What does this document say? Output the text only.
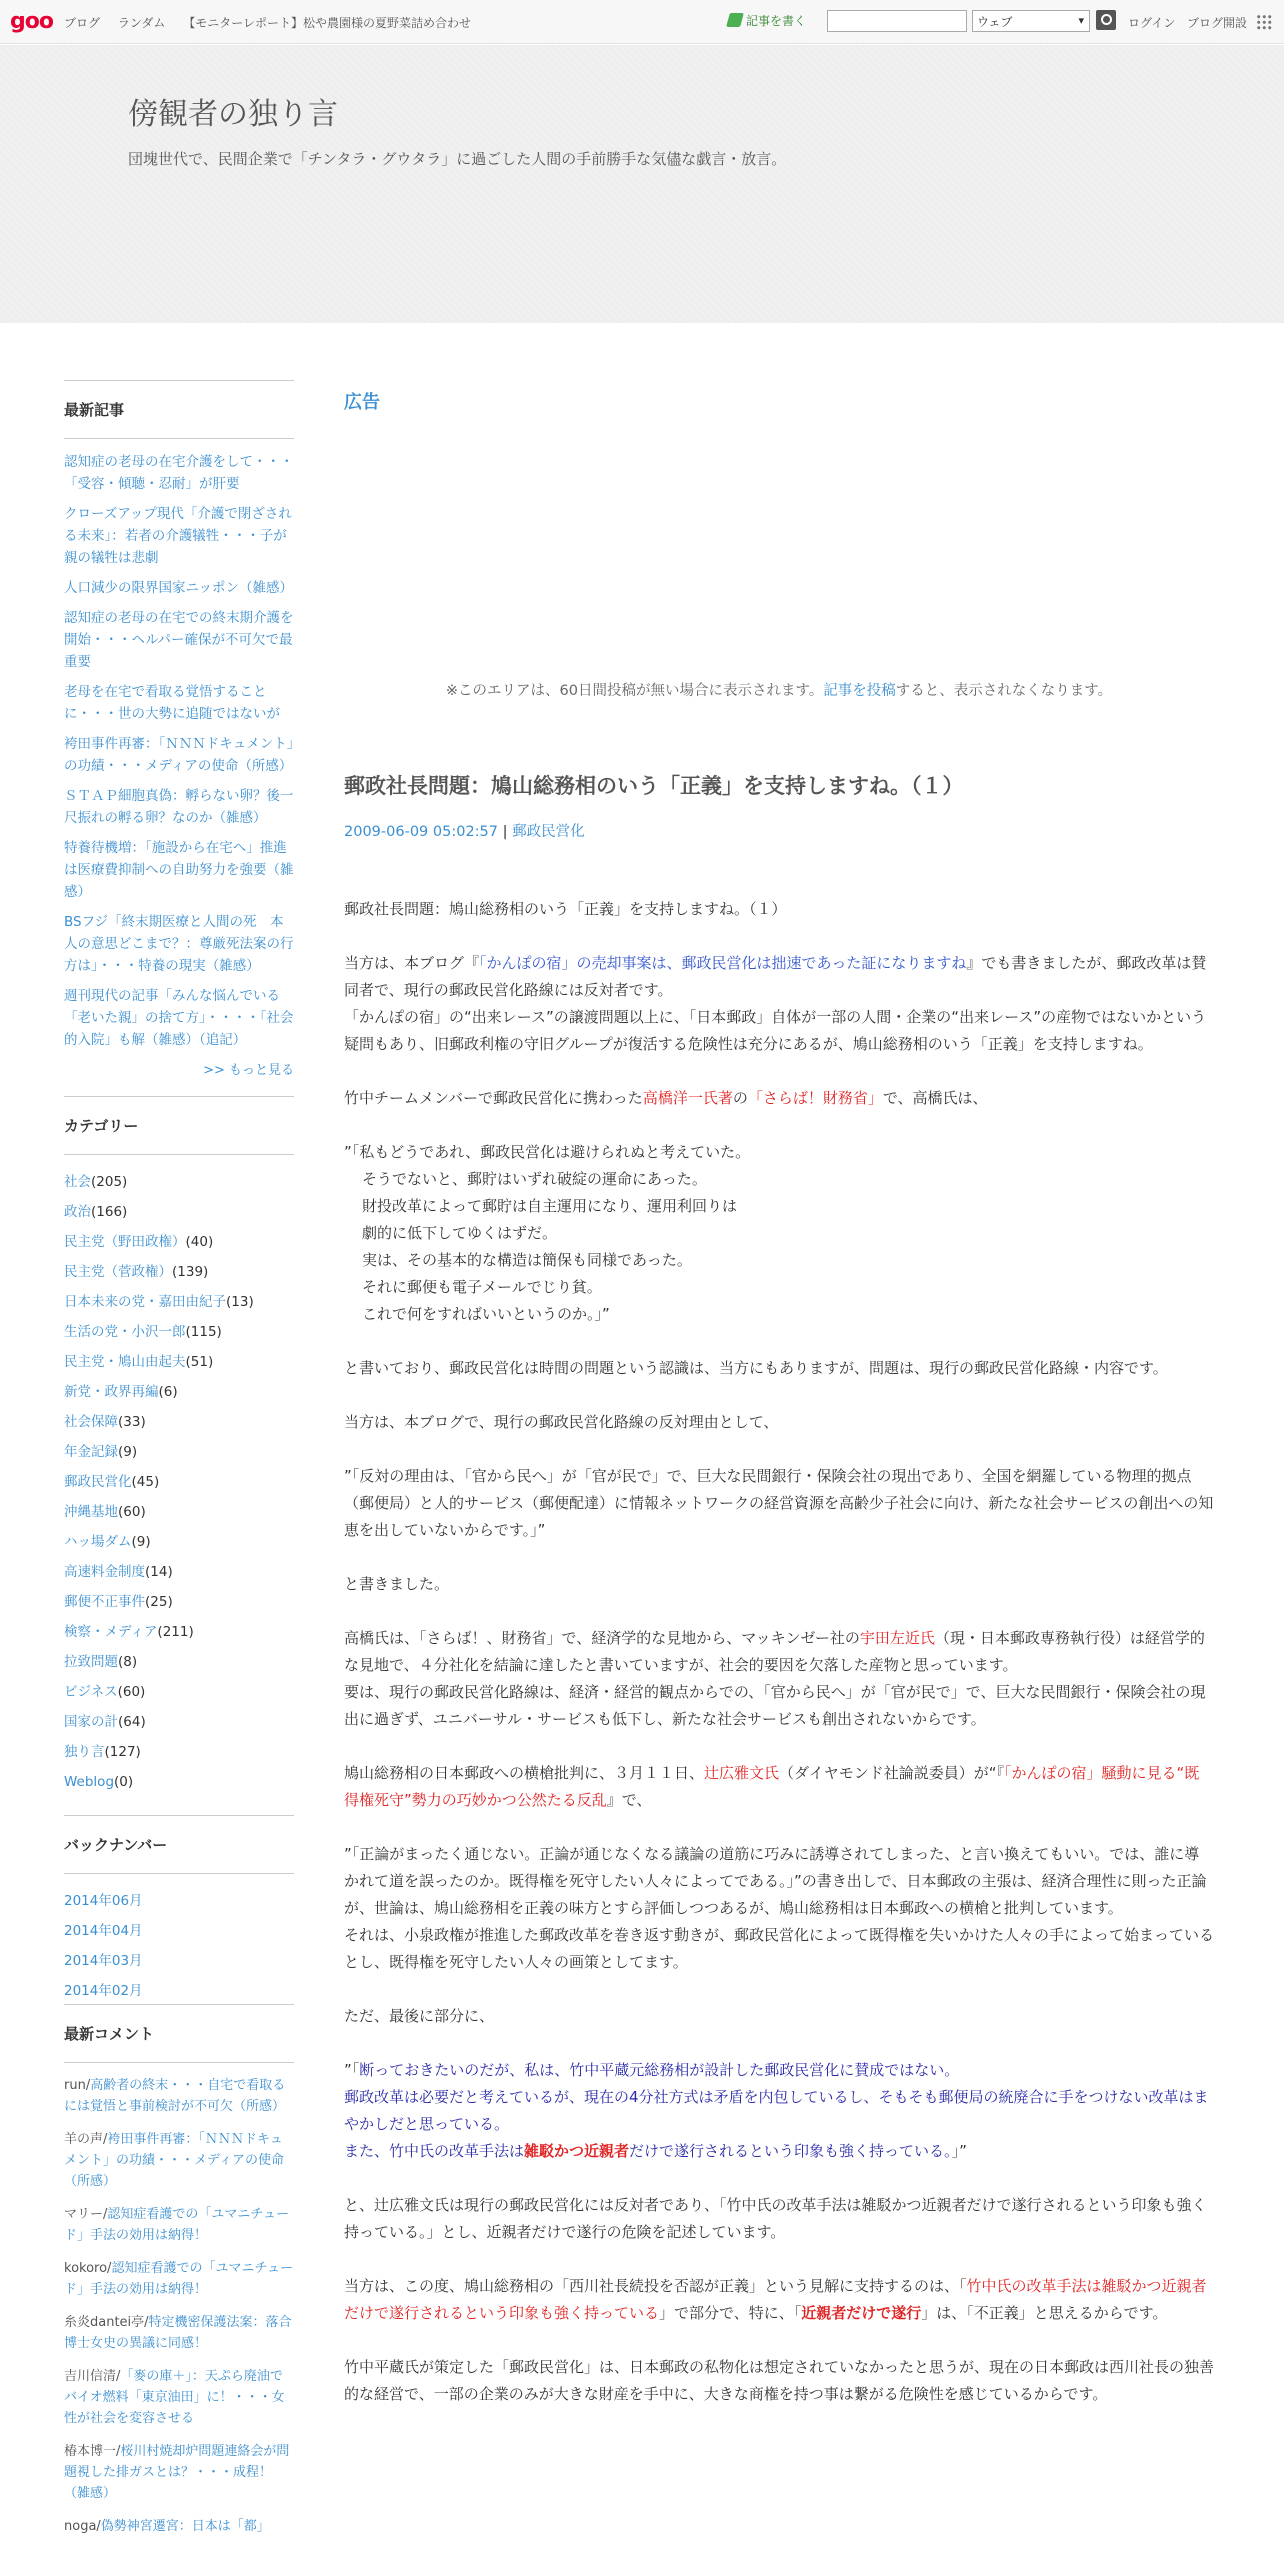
goo ブログ ランダム 【モニターレポート】松や農園様の夏野菜詰め合わせ	記事を書く	ウェブ	▾	ログイン ブログ開設
傍観者の独り言
団塊世代で、民間企業で「チンタラ・グウタラ」に過ごした人間の手前勝手な気儘な戯言・放言。
最新記事
認知症の老母の在宅介護をして・・・「受容・傾聴・忍耐」が肝要
クローズアップ現代「介護で閉ざされる未来」：若者の介護犠牲・・・子が親の犠牲は悲劇
人口減少の限界国家ニッポン（雑感）
認知症の老母の在宅での終末期介護を開始・・・ヘルパー確保が不可欠で最重要
老母を在宅で看取る覚悟することに・・・世の大勢に追随ではないが
袴田事件再審：「ＮＮＮドキュメント」の功績・・・メディアの使命（所感）
ＳＴＡＰ細胞真偽：孵らない卵？後一尺振れの孵る卵？なのか（雑感）
特養待機増：「施設から在宅へ」推進は医療費抑制への自助努力を強要（雑感）
BSフジ「終末期医療と人間の死　本人の意思どこまで？：尊厳死法案の行方は」・・・特養の現実（雑感）
週刊現代の記事「みんな悩んでいる「老いた親」の捨て方」・・・・「社会的入院」も解（雑感）（追記）
>> もっと見る
カテゴリー
社会(205)
政治(166)
民主党（野田政権）(40)
民主党（菅政権）(139)
日本未来の党・嘉田由紀子(13)
生活の党・小沢一郎(115)
民主党・鳩山由起夫(51)
新党・政界再編(6)
社会保障(33)
年金記録(9)
郵政民営化(45)
沖縄基地(60)
ハッ場ダム(9)
高速料金制度(14)
郵便不正事件(25)
検察・メディア(211)
拉致問題(8)
ビジネス(60)
国家の計(64)
独り言(127)
Weblog(0)
バックナンバー
2014年06月
2014年04月
2014年03月
2014年02月
最新コメント
run/高齢者の終末・・・自宅で看取るには覚悟と事前検討が不可欠（所感）
羊の声/袴田事件再審：「ＮＮＮドキュメント」の功績・・・メディアの使命（所感）
マリー/認知症看護での「ユマニチュード」手法の効用は納得！
kokoro/認知症看護での「ユマニチュード」手法の効用は納得！
糸炎dantei亭/特定機密保護法案：落合博士女史の異議に同感！
吉川信清/「麥の庫＋」：天ぷら廃油でバイオ燃料「東京油田」に！・・・女性が社会を変容させる
椿本博一/桜川村焼却炉問題連絡会が問題視した排ガスとは？・・・成程！（雑感）
noga/偽勢神宮遷宮：日本は「都」
広告
※このエリアは、60日間投稿が無い場合に表示されます。記事を投稿すると、表示されなくなります。
郵政社長問題：鳩山総務相のいう「正義」を支持しますね。（１）
2009-06-09 05:02:57 | 郵政民営化

郵政社長問題：鳩山総務相のいう「正義」を支持しますね。（１）

当方は、本ブログ『「かんぽの宿」の売却事案は、郵政民営化は拙速であった証になりますね』でも書きましたが、郵政改革は賛同者で、現行の郵政民営化路線には反対者です。
「かんぽの宿」の“出来レース”の譲渡問題以上に、「日本郵政」自体が一部の人間・企業の“出来レース”の産物ではないかという疑問もあり、旧郵政利権の守旧グループが復活する危険性は充分にあるが、鳩山総務相のいう「正義」を支持しますね。

竹中チームメンバーで郵政民営化に携わった高橋洋一氏著の「さらば！財務省」で、高橋氏は、

”「私もどうであれ、郵政民営化は避けられぬと考えていた。
そうでないと、郵貯はいずれ破綻の運命にあった。
財投改革によって郵貯は自主運用になり、運用利回りは
劇的に低下してゆくはずだ。
実は、その基本的な構造は簡保も同様であった。
それに郵便も電子メールでじり貧。
これで何をすればいいというのか。」”

と書いており、郵政民営化は時間の問題という認識は、当方にもありますが、問題は、現行の郵政民営化路線・内容です。

当方は、本ブログで、現行の郵政民営化路線の反対理由として、

”「反対の理由は、「官から民へ」が「官が民で」で、巨大な民間銀行・保険会社の現出であり、全国を網羅している物理的拠点（郵便局）と人的サービス（郵便配達）に情報ネットワークの経営資源を高齢少子社会に向け、新たな社会サービスの創出への知恵を出していないからです。」”

と書きました。

高橋氏は、「さらば！、財務省」で、経済学的な見地から、マッキンゼー社の宇田左近氏（現・日本郵政専務執行役）は経営学的な見地で、４分社化を結論に達したと書いていますが、社会的要因を欠落した産物と思っています。
要は、現行の郵政民営化路線は、経済・経営的観点からでの、「官から民へ」が「官が民で」で、巨大な民間銀行・保険会社の現出に過ぎず、ユニバーサル・サービスも低下し、新たな社会サービスも創出されないからです。

鳩山総務相の日本郵政への横槍批判に、３月１１日、辻広雅文氏（ダイヤモンド社論説委員）が“『「かんぽの宿」騒動に見る“既得権死守”勢力の巧妙かつ公然たる反乱』で、

”「正論がまったく通じない。正論が通じなくなる議論の道筋に巧みに誘導されてしまった、と言い換えてもいい。では、誰に導かれて道を誤ったのか。既得権を死守したい人々によってである。」”の書き出しで、日本郵政の主張は、経済合理性に則った正論が、世論は、鳩山総務相を正義の味方とすら評価しつつあるが、鳩山総務相は日本郵政への横槍と批判しています。
それは、小泉政権が推進した郵政改革を巻き返す動きが、郵政民営化によって既得権を失いかけた人々の手によって始まっているとし、既得権を死守したい人々の画策としてます。

ただ、最後に部分に、

”「断っておきたいのだが、私は、竹中平蔵元総務相が設計した郵政民営化に賛成ではない。
郵政改革は必要だと考えているが、現在の4分社方式は矛盾を内包しているし、そもそも郵便局の統廃合に手をつけない改革はまやかしだと思っている。
また、竹中氏の改革手法は雑駁かつ近親者だけで遂行されるという印象も強く持っている。」”

と、辻広雅文氏は現行の郵政民営化には反対者であり、「竹中氏の改革手法は雑駁かつ近親者だけで遂行されるという印象も強く持っている。」とし、近親者だけで遂行の危険を記述しています。

当方は、この度、鳩山総務相の「西川社長続投を否認が正義」という見解に支持するのは、「竹中氏の改革手法は雑駁かつ近親者だけで遂行されるという印象も強く持っている」で部分で、特に、「近親者だけで遂行」は、「不正義」と思えるからです。

竹中平蔵氏が策定した「郵政民営化」は、日本郵政の私物化は想定されていなかったと思うが、現在の日本郵政は西川社長の独善的な経営で、一部の企業のみが大きな財産を手中に、大きな商権を持つ事は繋がる危険性を感じているからです。
